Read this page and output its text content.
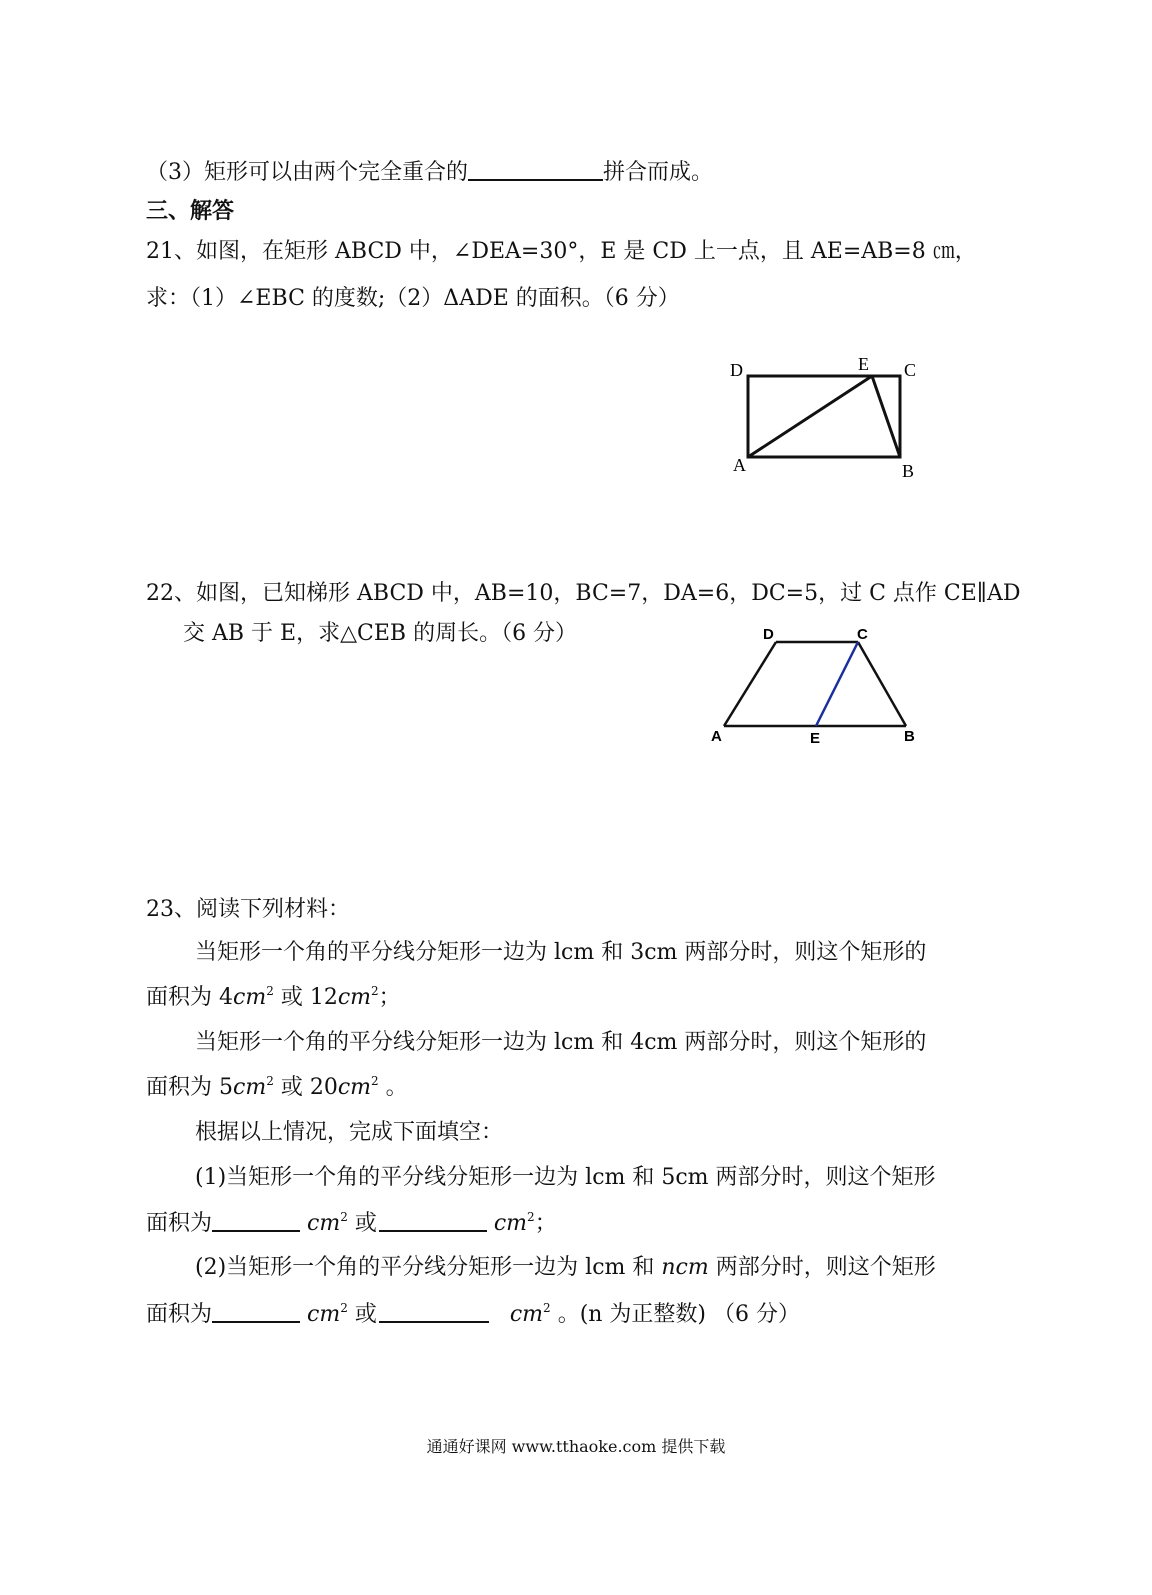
（3）矩形可以由两个完全重合的	拼合而成。
三、解答
21、如图，在矩形 ABCD 中，∠DEA=30°，E 是 CD 上一点，且 AE=AB=8 ㎝，
求：（1）∠EBC 的度数;（2）ΔADE 的面积。（6 分）
D	E C
A	B
22、如图，已知梯形 ABCD 中，AB=10，BC=7，DA=6，DC=5，过 C 点作 CE∥AD
交 AB 于 E，求△CEB 的周长。（6 分）	D	C
A	E	B
23、阅读下列材料：
当矩形一个角的平分线分矩形一边为 lcm 和 3cm 两部分时，则这个矩形的
面积为 $4cm^2$ 或 $12cm^2$；
当矩形一个角的平分线分矩形一边为 lcm 和 4cm 两部分时，则这个矩形的
面积为 $5cm^2$ 或 $20cm^2$ 。
根据以上情况，完成下面填空：
(1)当矩形一个角的平分线分矩形一边为 lcm 和 5cm 两部分时，则这个矩形
面积为	$cm^2$ 或	$cm^2$；
(2)当矩形一个角的平分线分矩形一边为 lcm 和 ncm 两部分时，则这个矩形
面积为	$cm^2$ 或	$cm^2$ 。(n 为正整数) （6 分）
通通好课网 www.tthaoke.com 提供下载
